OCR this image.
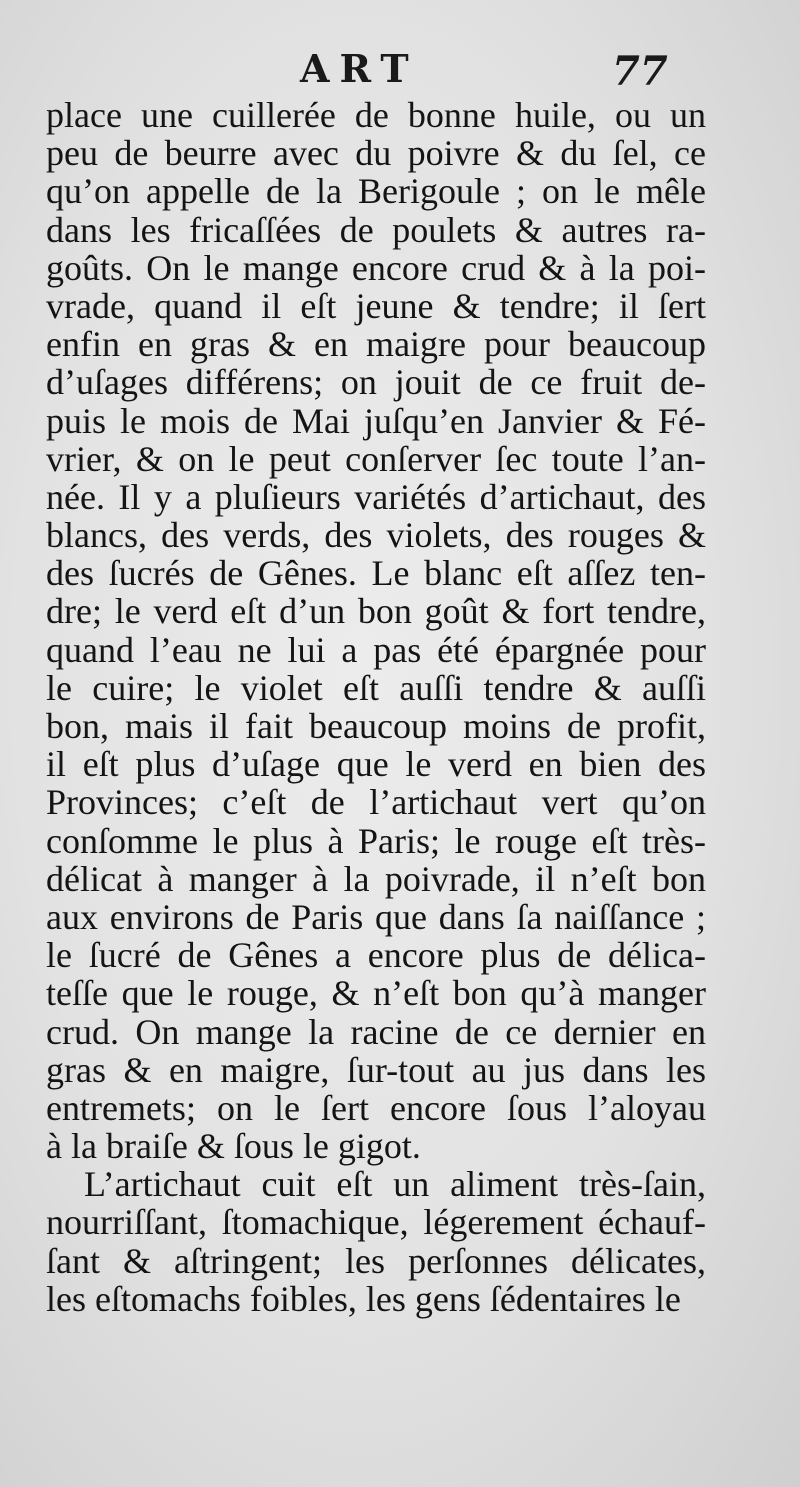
ART	77
place une cuillerée de bonne huile, ou un
peu de beurre avec du poivre & du ſel, ce
qu’on appelle de la Berigoule ; on le mêle
dans les fricaſſées de poulets & autres ra-
goûts. On le mange encore crud & à la poi-
vrade, quand il eſt jeune & tendre; il ſert
enfin en gras & en maigre pour beaucoup
d’uſages différens; on jouit de ce fruit de-
puis le mois de Mai juſqu’en Janvier & Fé-
vrier, & on le peut conſerver ſec toute l’an-
née. Il y a pluſieurs variétés d’artichaut, des
blancs, des verds, des violets, des rouges &
des ſucrés de Gênes. Le blanc eſt aſſez ten-
dre; le verd eſt d’un bon goût & fort tendre,
quand l’eau ne lui a pas été épargnée pour
le cuire; le violet eſt auſſi tendre & auſſi
bon, mais il fait beaucoup moins de profit,
il eſt plus d’uſage que le verd en bien des
Provinces; c’eſt de l’artichaut vert qu’on
conſomme le plus à Paris; le rouge eſt très-
délicat à manger à la poivrade, il n’eſt bon
aux environs de Paris que dans ſa naiſſance ;
le ſucré de Gênes a encore plus de délica-
teſſe que le rouge, & n’eſt bon qu’à manger
crud. On mange la racine de ce dernier en
gras & en maigre, ſur-tout au jus dans les
entremets; on le ſert encore ſous l’aloyau
à la braiſe & ſous le gigot.
L’artichaut cuit eſt un aliment très-ſain,
nourriſſant, ſtomachique, légerement échauf-
ſant & aſtringent; les perſonnes délicates,
les eſtomachs foibles, les gens ſédentaires le
